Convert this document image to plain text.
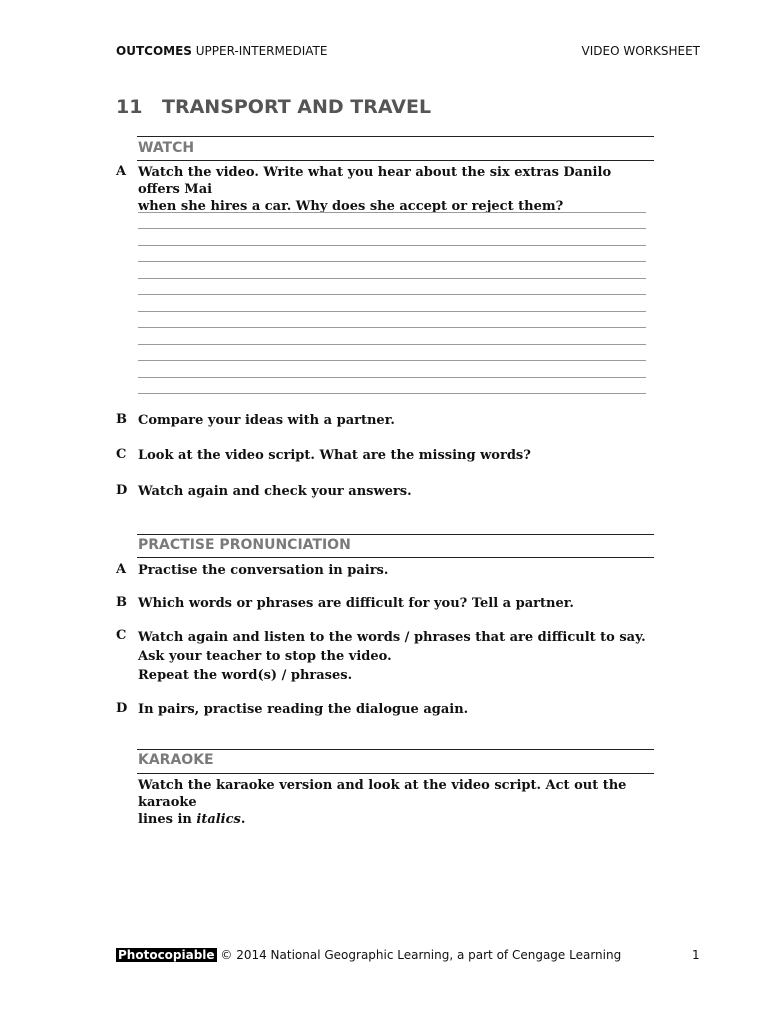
OUTCOMES UPPER-INTERMEDIATE	VIDEO WORKSHEET
11 TRANSPORT AND TRAVEL
WATCH
A Watch the video. Write what you hear about the six extras Danilo offers Mai
when she hires a car. Why does she accept or reject them?
B Compare your ideas with a partner.
C Look at the video script. What are the missing words?
D Watch again and check your answers.
PRACTISE PRONUNCIATION
A Practise the conversation in pairs.
B Which words or phrases are difficult for you? Tell a partner.
C Watch again and listen to the words / phrases that are difficult to say.
Ask your teacher to stop the video.
Repeat the word(s) / phrases.
D In pairs, practise reading the dialogue again.
KARAOKE
Watch the karaoke version and look at the video script. Act out the karaoke
lines in italics.
Photocopiable © 2014 National Geographic Learning, a part of Cengage Learning	1
